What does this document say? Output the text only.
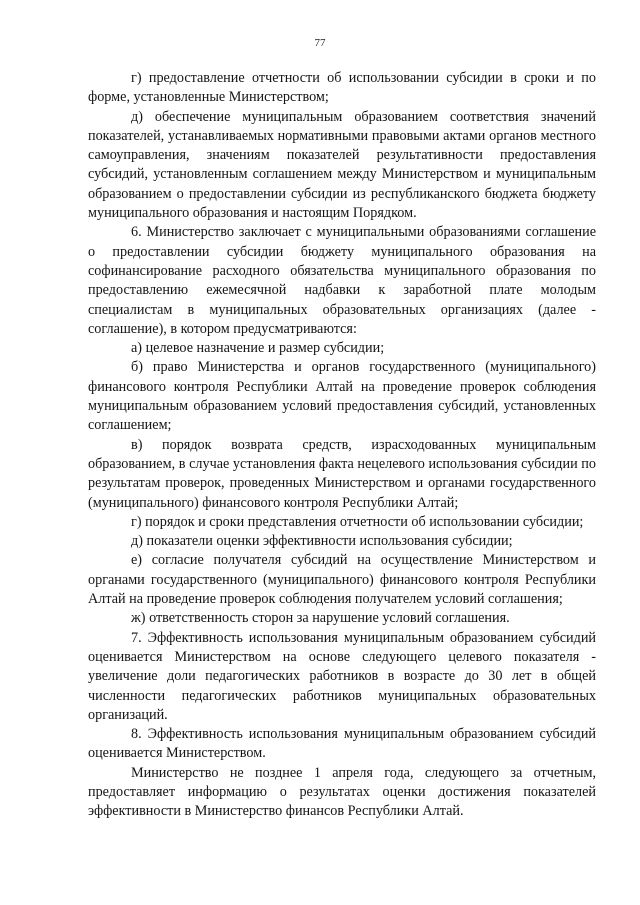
77

г) предоставление отчетности об использовании субсидии в сроки и по форме, установленные Министерством;

д) обеспечение муниципальным образованием соответствия значений показателей, устанавливаемых нормативными правовыми актами органов местного самоуправления, значениям показателей результативности предоставления субсидий, установленным соглашением между Министерством и муниципальным образованием о предоставлении субсидии из республиканского бюджета бюджету муниципального образования и настоящим Порядком.

6. Министерство заключает с муниципальными образованиями соглашение о предоставлении субсидии бюджету муниципального образования на софинансирование расходного обязательства муниципального образования по предоставлению ежемесячной надбавки к заработной плате молодым специалистам в муниципальных образовательных организациях (далее - соглашение), в котором предусматриваются:

а) целевое назначение и размер субсидии;

б) право Министерства и органов государственного (муниципального) финансового контроля Республики Алтай на проведение проверок соблюдения муниципальным образованием условий предоставления субсидий, установленных соглашением;

в) порядок возврата средств, израсходованных муниципальным образованием, в случае установления факта нецелевого использования субсидии по результатам проверок, проведенных Министерством и органами государственного (муниципального) финансового контроля Республики Алтай;

г) порядок и сроки представления отчетности об использовании субсидии;

д) показатели оценки эффективности использования субсидии;

е) согласие получателя субсидий на осуществление Министерством и органами государственного (муниципального) финансового контроля Республики Алтай на проведение проверок соблюдения получателем условий соглашения;

ж) ответственность сторон за нарушение условий соглашения.

7. Эффективность использования муниципальным образованием субсидий оценивается Министерством на основе следующего целевого показателя - увеличение доли педагогических работников в возрасте до 30 лет в общей численности педагогических работников муниципальных образовательных организаций.

8. Эффективность использования муниципальным образованием субсидий оценивается Министерством.

Министерство не позднее 1 апреля года, следующего за отчетным, предоставляет информацию о результатах оценки достижения показателей эффективности в Министерство финансов Республики Алтай.
